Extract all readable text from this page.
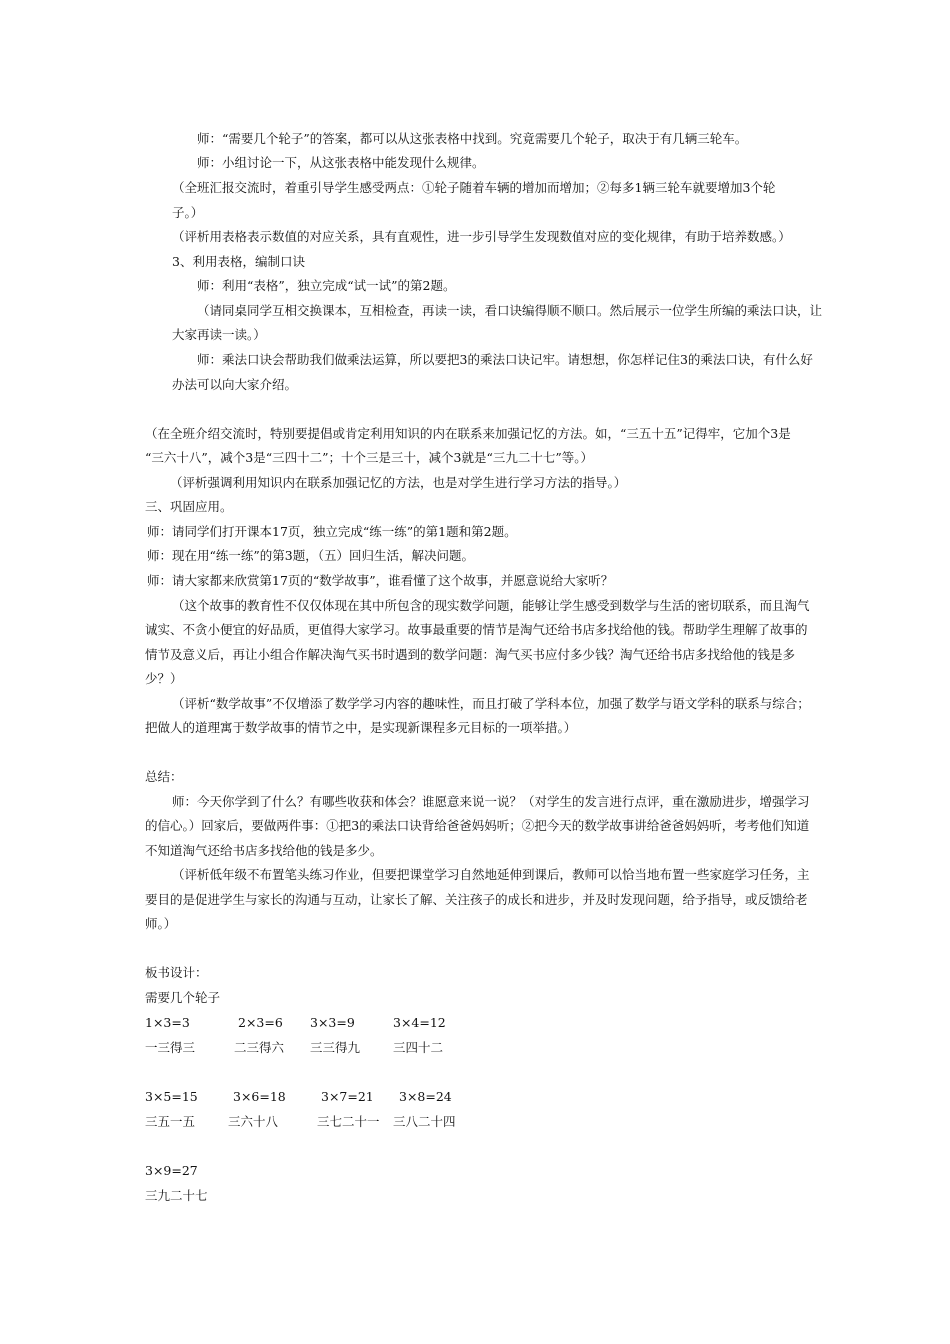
师：“需要几个轮子”的答案，都可以从这张表格中找到。究竟需要几个轮子，取决于有几辆三轮车。
师：小组讨论一下，从这张表格中能发现什么规律。
（全班汇报交流时，着重引导学生感受两点：①轮子随着车辆的增加而增加；②每多1辆三轮车就要增加3个轮
子。）
（评析用表格表示数值的对应关系，具有直观性，进一步引导学生发现数值对应的变化规律，有助于培养数感。）
3、利用表格，编制口诀
师：利用“表格”，独立完成“试一试”的第2题。
（请同桌同学互相交换课本，互相检查，再读一读，看口诀编得顺不顺口。然后展示一位学生所编的乘法口诀，让
大家再读一读。）
师：乘法口诀会帮助我们做乘法运算，所以要把3的乘法口诀记牢。请想想，你怎样记住3的乘法口诀，有什么好
办法可以向大家介绍。
（在全班介绍交流时，特别要提倡或肯定利用知识的内在联系来加强记忆的方法。如，“三五十五”记得牢，它加个3是
“三六十八”，减个3是“三四十二”；十个三是三十，减个3就是“三九二十七”等。）
（评析强调利用知识内在联系加强记忆的方法，也是对学生进行学习方法的指导。）
三、巩固应用。
师：请同学们打开课本17页，独立完成“练一练”的第1题和第2题。
师：现在用“练一练”的第3题，（五）回归生活，解决问题。
师：请大家都来欣赏第17页的“数学故事”，谁看懂了这个故事，并愿意说给大家听？
（这个故事的教育性不仅仅体现在其中所包含的现实数学问题，能够让学生感受到数学与生活的密切联系，而且淘气
诚实、不贪小便宜的好品质，更值得大家学习。故事最重要的情节是淘气还给书店多找给他的钱。帮助学生理解了故事的
情节及意义后，再让小组合作解决淘气买书时遇到的数学问题：淘气买书应付多少钱？淘气还给书店多找给他的钱是多
少？）
（评析“数学故事”不仅增添了数学学习内容的趣味性，而且打破了学科本位，加强了数学与语文学科的联系与综合；
把做人的道理寓于数学故事的情节之中，是实现新课程多元目标的一项举措。）
总结：
师：今天你学到了什么？有哪些收获和体会？谁愿意来说一说？（对学生的发言进行点评，重在激励进步，增强学习
的信心。）回家后，要做两件事：①把3的乘法口诀背给爸爸妈妈听；②把今天的数学故事讲给爸爸妈妈听，考考他们知道
不知道淘气还给书店多找给他的钱是多少。
（评析低年级不布置笔头练习作业，但要把课堂学习自然地延伸到课后，教师可以恰当地布置一些家庭学习任务，主
要目的是促进学生与家长的沟通与互动，让家长了解、关注孩子的成长和进步，并及时发现问题，给予指导，或反馈给老
师。）
板书设计：
需要几个轮子
1×3=3	2×3=6 3×3=9	3×4=12
一三得三	二三得六 三三得九	三四十二
3×5=15	3×6=18	3×7=21 3×8=24
三五一五	三六十八	三七二十一 三八二十四
3×9=27
三九二十七
